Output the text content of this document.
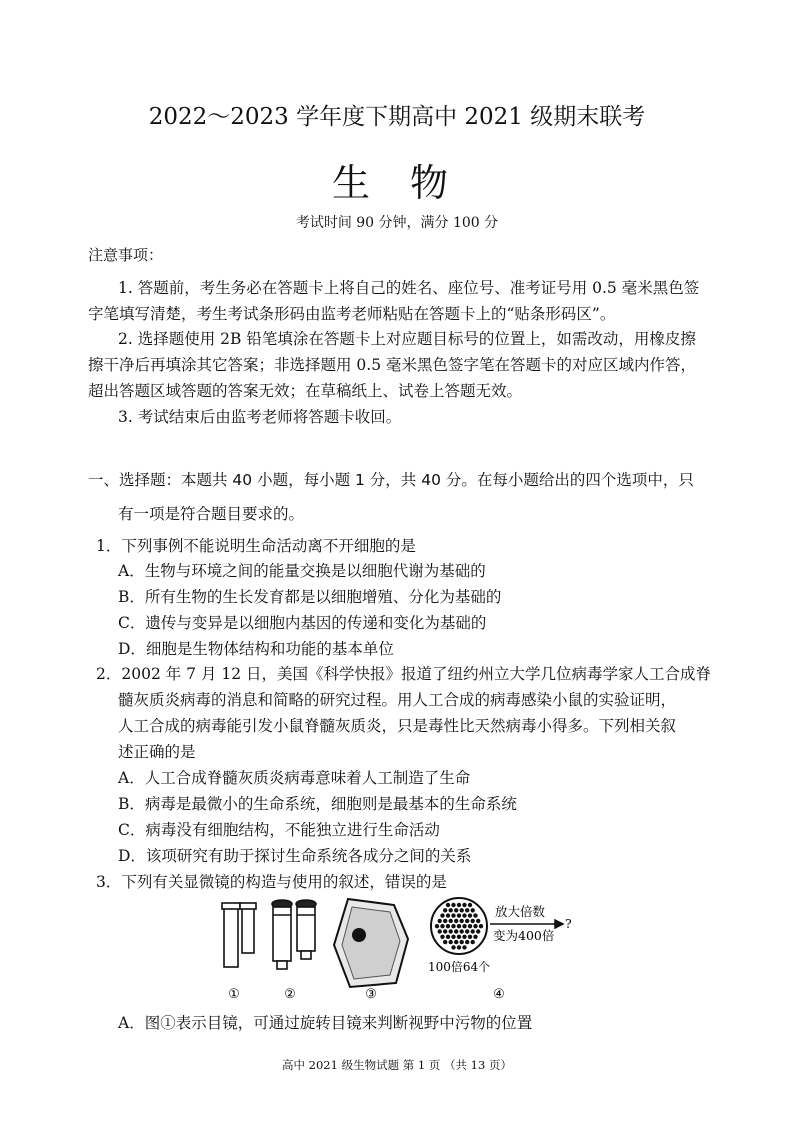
2022～2023 学年度下期高中 2021 级期末联考
生 物
考试时间 90 分钟，满分 100 分
注意事项：
1. 答题前，考生务必在答题卡上将自己的姓名、座位号、准考证号用 0.5 毫米黑色签
字笔填写清楚，考生考试条形码由监考老师粘贴在答题卡上的“贴条形码区”。
2. 选择题使用 2B 铅笔填涂在答题卡上对应题目标号的位置上，如需改动，用橡皮擦
擦干净后再填涂其它答案；非选择题用 0.5 毫米黑色签字笔在答题卡的对应区域内作答，
超出答题区域答题的答案无效；在草稿纸上、试卷上答题无效。
3. 考试结束后由监考老师将答题卡收回。
一、选择题：本题共 40 小题，每小题 1 分，共 40 分。在每小题给出的四个选项中，只
有一项是符合题目要求的。
1．下列事例不能说明生命活动离不开细胞的是
A．生物与环境之间的能量交换是以细胞代谢为基础的
B．所有生物的生长发育都是以细胞增殖、分化为基础的
C．遗传与变异是以细胞内基因的传递和变化为基础的
D．细胞是生物体结构和功能的基本单位
2．2002 年 7 月 12 日，美国《科学快报》报道了纽约州立大学几位病毒学家人工合成脊
髓灰质炎病毒的消息和简略的研究过程。用人工合成的病毒感染小鼠的实验证明，
人工合成的病毒能引发小鼠脊髓灰质炎，只是毒性比天然病毒小得多。下列相关叙
述正确的是
A．人工合成脊髓灰质炎病毒意味着人工制造了生命
B．病毒是最微小的生命系统，细胞则是最基本的生命系统
C．病毒没有细胞结构，不能独立进行生命活动
D．该项研究有助于探讨生命系统各成分之间的关系
3．下列有关显微镜的构造与使用的叙述，错误的是
放大倍数
变为400倍
?
100倍64个
①	②	③	④
A．图①表示目镜，可通过旋转目镜来判断视野中污物的位置
高中 2021 级生物试题 第 1 页 （共 13 页）
